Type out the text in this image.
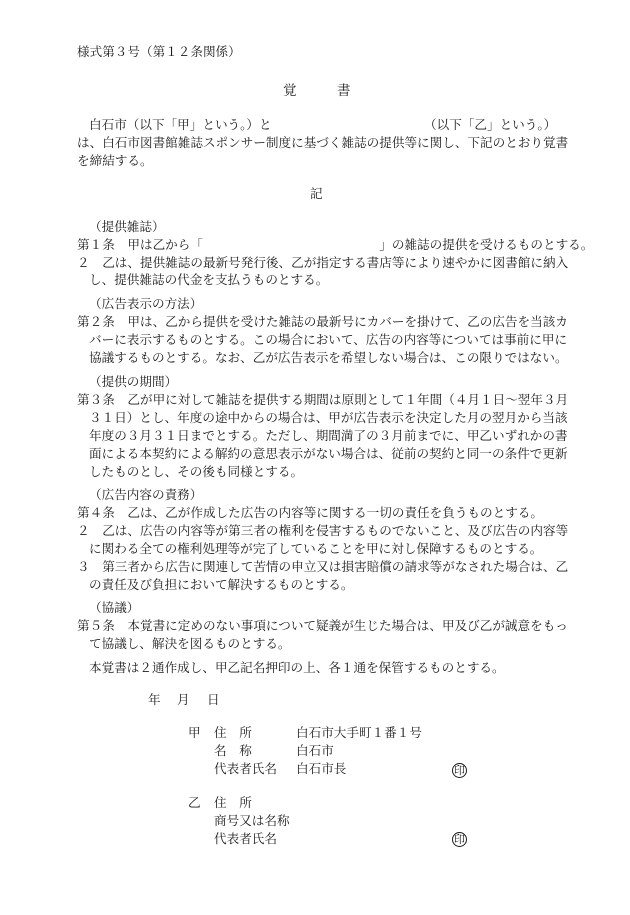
様式第３号（第１２条関係）
覚　　　書
白石市（以下「甲」という。）と	（以下「乙」という。）
は、白石市図書館雑誌スポンサー制度に基づく雑誌の提供等に関し、下記のとおり覚書
を締結する。
記
（提供雑誌）
第１条　甲は乙から「　　　　　　　　　　　　　　」の雑誌の提供を受けるものとする。
２　乙は、提供雑誌の最新号発行後、乙が指定する書店等により速やかに図書館に納入
し、提供雑誌の代金を支払うものとする。
（広告表示の方法）
第２条　甲は、乙から提供を受けた雑誌の最新号にカバーを掛けて、乙の広告を当該カ
バーに表示するものとする。この場合において、広告の内容等については事前に甲に
協議するものとする。なお、乙が広告表示を希望しない場合は、この限りではない。
（提供の期間）
第３条　乙が甲に対して雑誌を提供する期間は原則として１年間（４月１日～翌年３月
３１日）とし、年度の途中からの場合は、甲が広告表示を決定した月の翌月から当該
年度の３月３１日までとする。ただし、期間満了の３月前までに、甲乙いずれかの書
面による本契約による解約の意思表示がない場合は、従前の契約と同一の条件で更新
したものとし、その後も同様とする。
（広告内容の責務）
第４条　乙は、乙が作成した広告の内容等に関する一切の責任を負うものとする。
２　乙は、広告の内容等が第三者の権利を侵害するものでないこと、及び広告の内容等
に関わる全ての権利処理等が完了していることを甲に対し保障するものとする。
３　第三者から広告に関連して苦情の申立又は損害賠償の請求等がなされた場合は、乙
の責任及び負担において解決するものとする。
（協議）
第５条　本覚書に定めのない事項について疑義が生じた場合は、甲及び乙が誠意をもっ
て協議し、解決を図るものとする。
本覚書は２通作成し、甲乙記名押印の上、各１通を保管するものとする。
年 月 日
甲 住　所	白石市大手町１番１号
名　称	白石市
代表者氏名 白石市長	印
乙 住　所
商号又は名称
代表者氏名	印
